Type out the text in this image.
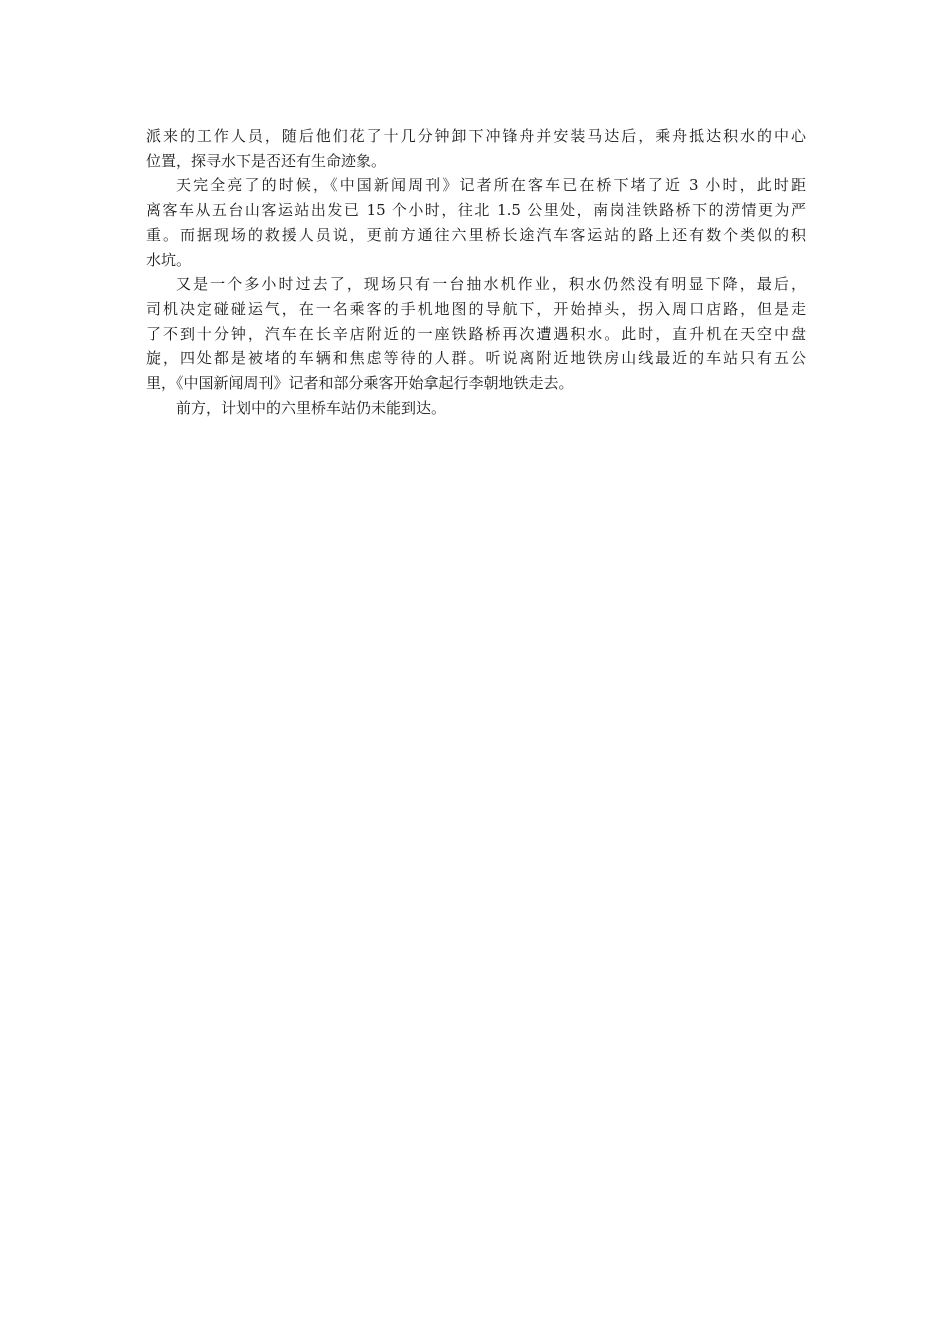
派来的工作人员，随后他们花了十几分钟卸下冲锋舟并安装马达后，乘舟抵达积水的中心
位置，探寻水下是否还有生命迹象。
天完全亮了的时候，《中国新闻周刊》记者所在客车已在桥下堵了近 3 小时，此时距
离客车从五台山客运站出发已 15 个小时，往北 1.5 公里处，南岗洼铁路桥下的涝情更为严
重。而据现场的救援人员说，更前方通往六里桥长途汽车客运站的路上还有数个类似的积
水坑。
又是一个多小时过去了，现场只有一台抽水机作业，积水仍然没有明显下降，最后，
司机决定碰碰运气，在一名乘客的手机地图的导航下，开始掉头，拐入周口店路，但是走
了不到十分钟，汽车在长辛店附近的一座铁路桥再次遭遇积水。此时，直升机在天空中盘
旋，四处都是被堵的车辆和焦虑等待的人群。听说离附近地铁房山线最近的车站只有五公
里，《中国新闻周刊》记者和部分乘客开始拿起行李朝地铁走去。
前方，计划中的六里桥车站仍未能到达。
